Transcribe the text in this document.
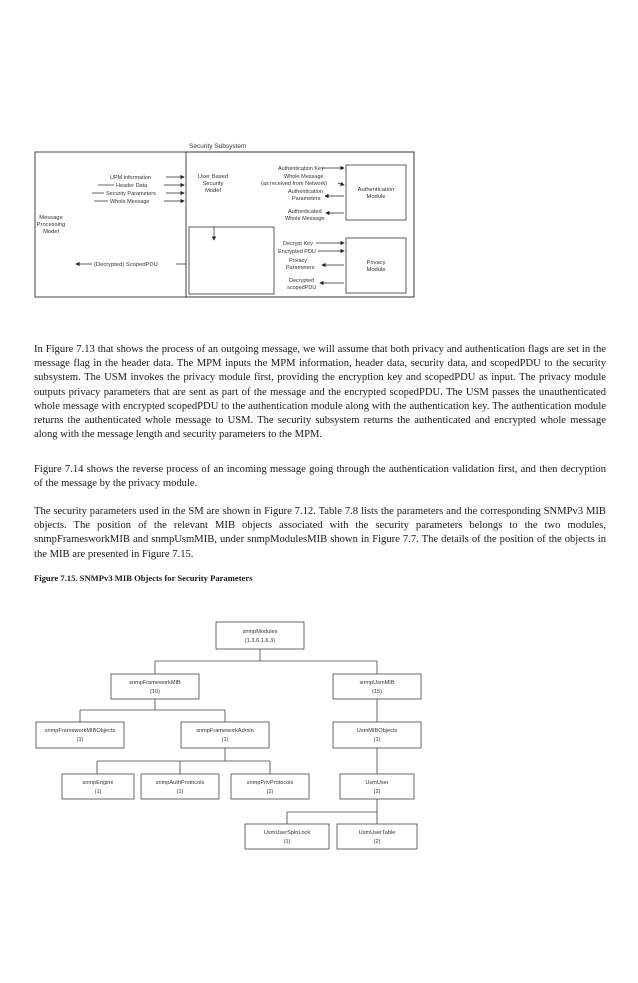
Security Subsystem
Message
Processing
Model
UPM information
Header Data
Security Parameters
Whole Message
(Decrypted) ScopedPDU
User Based
Security
Model	Authentication
Module
Authentication Key
Whole Message
(as received from Network)
Authentication
Parameters
Authenticated
Whole Message
Privacy
Module
Decrypt Key
Encrypted PDU
Privacy
Parameters
Decrypted
scopedPDU

In Figure 7.13 that shows the process of an outgoing message, we will assume that both privacy and authentication flags are set in the message flag in the header data. The MPM inputs the MPM information, header data, security data, and scopedPDU to the security subsystem. The USM invokes the privacy module first, providing the encryption key and scopedPDU as input. The privacy module outputs privacy parameters that are sent as part of the message and the encrypted scopedPDU. The USM passes the unauthenticated whole message with encrypted scopedPDU to the authentication module along with the authentication key. The authentication module returns the authenticated whole message to USM. The security subsystem returns the authenticated and encrypted whole message along with the message length and security parameters to the MPM.

Figure 7.14 shows the reverse process of an incoming message going through the authentication validation first, and then decryption of the message by the privacy module.

The security parameters used in the SM are shown in Figure 7.12. Table 7.8 lists the parameters and the corresponding SNMPv3 MIB objects. The position of the relevant MIB objects associated with the security parameters belongs to the two modules, snmpFramesworkMIB and snmpUsmMIB, under snmpModulesMIB shown in Figure 7.7. The details of the position of the objects in the MIB are presented in Figure 7.15.

Figure 7.15. SNMPv3 MIB Objects for Security Parameters

snmpModules
(1.3.6.1.6.3)
snmpFrameworkMIB
(10)
snmpUsmMIB
(15)
snmpFrameworkMIBObjects
(1)
snmpFrameworkAdmin
(1)
UsmMIBObjects
(1)
snmpEngine
(1)
snmpAuthProtocols
(1)
snmpPrivProtocols
(2)
UsmUser
(2)
UsmUserSpinLock
(1)
UsmUserTable
(2)
